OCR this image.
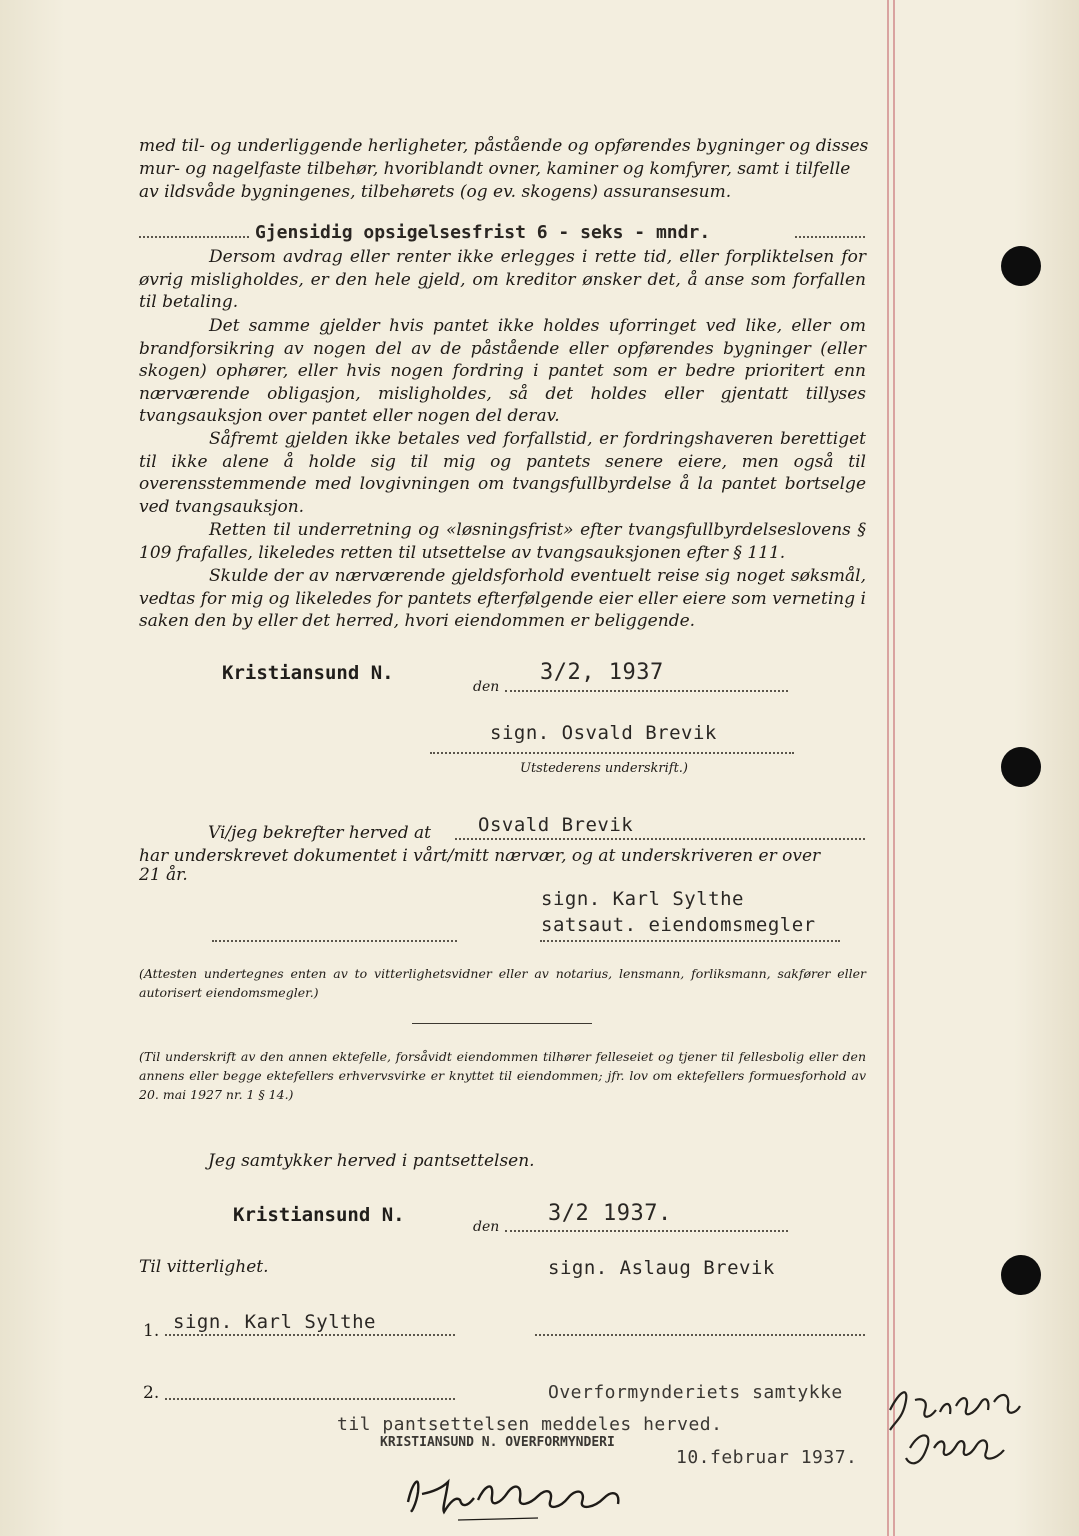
med til- og underliggende herligheter, påstående og opførendes bygninger og disses
mur- og nagelfaste tilbehør, hvoriblandt ovner, kaminer og komfyrer, samt i tilfelle
av ildsvåde bygningenes, tilbehørets (og ev. skogens) assuransesum.
Gjensidig opsigelsesfrist 6 - seks - mndr.
Dersom avdrag eller renter ikke erlegges i rette tid, eller forpliktelsen for øvrig misligholdes, er den hele gjeld, om kreditor ønsker det, å anse som forfallen til betaling.
Det samme gjelder hvis pantet ikke holdes uforringet ved like, eller om brandforsikring av nogen del av de påstående eller opførendes bygninger (eller skogen) ophører, eller hvis nogen fordring i pantet som er bedre prioritert enn nærværende obligasjon, misligholdes, så det holdes eller gjentatt tillyses tvangsauksjon over pantet eller nogen del derav.
Såfremt gjelden ikke betales ved forfallstid, er fordringshaveren berettiget til ikke alene å holde sig til mig og pantets senere eiere, men også til overensstemmende med lovgivningen om tvangsfullbyrdelse å la pantet bortselge ved tvangsauksjon.
Retten til underretning og «løsningsfrist» efter tvangsfullbyrdelseslovens § 109 frafalles, likeledes retten til utsettelse av tvangsauksjonen efter § 111.
Skulde der av nærværende gjeldsforhold eventuelt reise sig noget søksmål, vedtas for mig og likeledes for pantets efterfølgende eier eller eiere som verneting i saken den by eller det herred, hvori eiendommen er beliggende.
Kristiansund N.
den
3/2, 1937
sign. Osvald Brevik
Utstederens underskrift.)
Vi/jeg bekrefter herved at Osvald Brevik
har underskrevet dokumentet i vårt/mitt nærvær, og at underskriveren er over
21 år.
sign. Karl Sylthe
satsaut. eiendomsmegler
(Attesten undertegnes enten av to vitterlighetsvidner eller av notarius, lensmann, forliksmann, sakfører eller autorisert eiendomsmegler.)
(Til underskrift av den annen ektefelle, forsåvidt eiendommen tilhører felleseiet og tjener til fellesbolig eller den annens eller begge ektefellers erhvervsvirke er knyttet til eiendommen; jfr. lov om ektefellers formuesforhold av 20. mai 1927 nr. 1 § 14.)
Jeg samtykker herved i pantsettelsen.
Kristiansund N.
den
3/2 1937.
Til vitterlighet.	sign. Aslaug Brevik
1. sign. Karl Sylthe
2.	Overformynderiets samtykke
til pantsettelsen meddeles herved.
KRISTIANSUND N. OVERFORMYNDERI
10.februar 1937.
